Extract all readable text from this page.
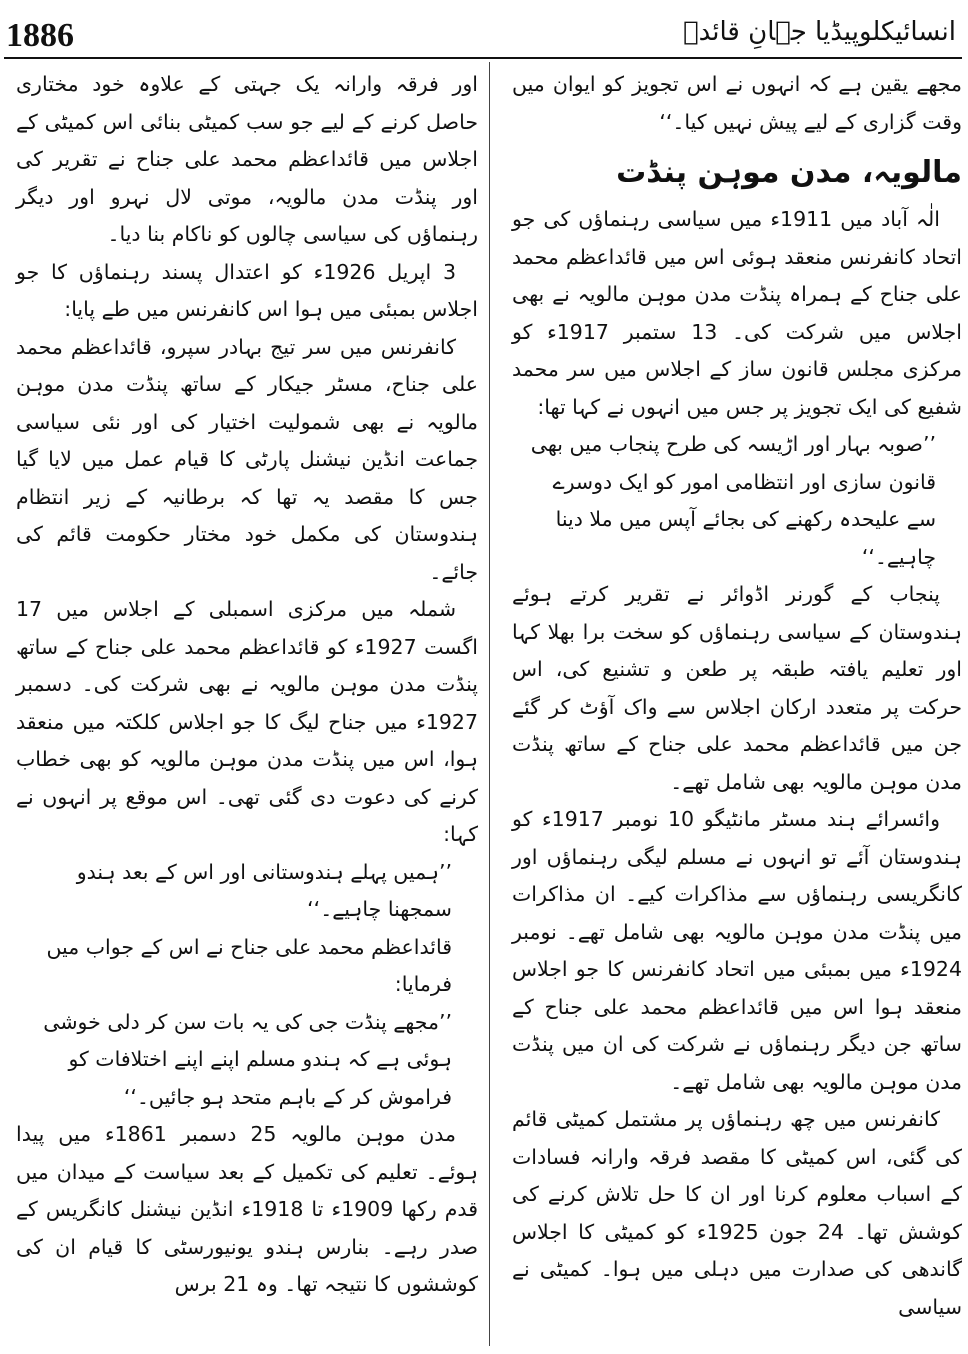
1886	انسائیکلوپیڈیا جہانِ قائدؒ

مجھے یقین ہے کہ انہوں نے اس تجویز کو ایوان میں وقت گزاری کے لیے پیش نہیں کیا۔‘‘

مالویہ، مدن موہن پنڈت

الٰہ آباد میں 1911ء میں سیاسی رہنماؤں کی جو اتحاد کانفرنس منعقد ہوئی اس میں قائداعظم محمد علی جناح کے ہمراہ پنڈت مدن موہن مالویہ نے بھی اجلاس میں شرکت کی۔ 13 ستمبر 1917ء کو مرکزی مجلس قانون ساز کے اجلاس میں سر محمد شفیع کی ایک تجویز پر جس میں انہوں نے کہا تھا:

’’صوبہ بہار اور اڑیسہ کی طرح پنجاب میں بھی قانون سازی اور انتظامی امور کو ایک دوسرے سے علیحدہ رکھنے کی بجائے آپس میں ملا دینا چاہیے۔‘‘

پنجاب کے گورنر اڈوائر نے تقریر کرتے ہوئے ہندوستان کے سیاسی رہنماؤں کو سخت برا بھلا کہا اور تعلیم یافتہ طبقہ پر طعن و تشنیع کی، اس حرکت پر متعدد ارکان اجلاس سے واک آؤٹ کر گئے جن میں قائداعظم محمد علی جناح کے ساتھ پنڈت مدن موہن مالویہ بھی شامل تھے۔

وائسرائے ہند مسٹر مانٹیگو 10 نومبر 1917ء کو ہندوستان آئے تو انہوں نے مسلم لیگی رہنماؤں اور کانگریسی رہنماؤں سے مذاکرات کیے۔ ان مذاکرات میں پنڈت مدن موہن مالویہ بھی شامل تھے۔ نومبر 1924ء میں بمبئی میں اتحاد کانفرنس کا جو اجلاس منعقد ہوا اس میں قائداعظم محمد علی جناح کے ساتھ جن دیگر رہنماؤں نے شرکت کی ان میں پنڈت مدن موہن مالویہ بھی شامل تھے۔

کانفرنس میں چھ رہنماؤں پر مشتمل کمیٹی قائم کی گئی، اس کمیٹی کا مقصد فرقہ وارانہ فسادات کے اسباب معلوم کرنا اور ان کا حل تلاش کرنے کی کوشش تھا۔ 24 جون 1925ء کو کمیٹی کا اجلاس گاندھی کی صدارت میں دہلی میں ہوا۔ کمیٹی نے سیاسی

اور فرقہ وارانہ یک جہتی کے علاوہ خود مختاری حاصل کرنے کے لیے جو سب کمیٹی بنائی اس کمیٹی کے اجلاس میں قائداعظم محمد علی جناح نے تقریر کی اور پنڈت مدن مالویہ، موتی لال نہرو اور دیگر رہنماؤں کی سیاسی چالوں کو ناکام بنا دیا۔

3 اپریل 1926ء کو اعتدال پسند رہنماؤں کا جو اجلاس بمبئی میں ہوا اس کانفرنس میں طے پایا:

کانفرنس میں سر تیج بہادر سپرو، قائداعظم محمد علی جناح، مسٹر جیکار کے ساتھ پنڈت مدن موہن مالویہ نے بھی شمولیت اختیار کی اور نئی سیاسی جماعت انڈین نیشنل پارٹی کا قیام عمل میں لایا گیا جس کا مقصد یہ تھا کہ برطانیہ کے زیر انتظام ہندوستان کی مکمل خود مختار حکومت قائم کی جائے۔

شملہ میں مرکزی اسمبلی کے اجلاس میں 17 اگست 1927ء کو قائداعظم محمد علی جناح کے ساتھ پنڈت مدن موہن مالویہ نے بھی شرکت کی۔ دسمبر 1927ء میں جناح لیگ کا جو اجلاس کلکتہ میں منعقد ہوا، اس میں پنڈت مدن موہن مالویہ کو بھی خطاب کرنے کی دعوت دی گئی تھی۔ اس موقع پر انہوں نے کہا:

’’ہمیں پہلے ہندوستانی اور اس کے بعد ہندو سمجھنا چاہیے۔‘‘

قائداعظم محمد علی جناح نے اس کے جواب میں فرمایا:

’’مجھے پنڈت جی کی یہ بات سن کر دلی خوشی ہوئی ہے کہ ہندو مسلم اپنے اپنے اختلافات کو فراموش کر کے باہم متحد ہو جائیں۔‘‘

مدن موہن مالویہ 25 دسمبر 1861ء میں پیدا ہوئے۔ تعلیم کی تکمیل کے بعد سیاست کے میدان میں قدم رکھا 1909ء تا 1918ء انڈین نیشنل کانگریس کے صدر رہے۔ بنارس ہندو یونیورسٹی کا قیام ان کی کوششوں کا نتیجہ تھا۔ وہ 21 برس
